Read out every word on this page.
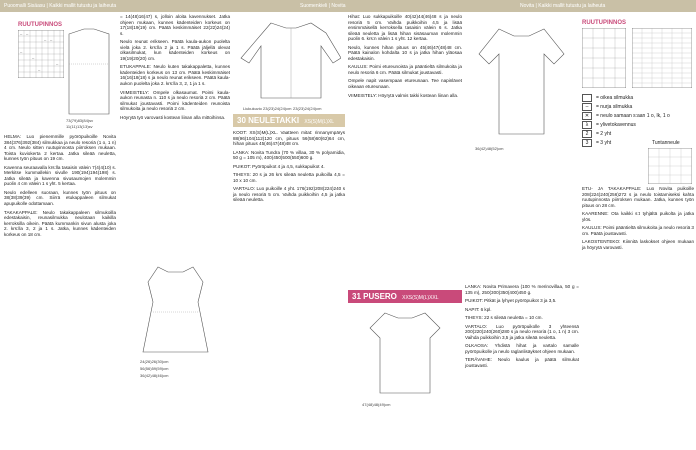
Puoomalli Sisäasu | Kaikki mallit tutustu ja laiheuta	Suomenkieli | Novita	Novita | Kaikki mallit tutustu ja laiheuta
RUUTUPINNOS
– –
– –
–
–
–
–
73(79)83(84)sv
11(11)13(13)sv

HELMA: Luo pienemmille pyöröpuikoille Novita 384(376)392(384) silmukkaa ja neulo resoriä (1 o, 1 n) 4 cm. Neulo sitten ruutupinnosta piirroksen mukaan. Toista kuviokerta 2 kertaa. Jatka sileää neuletta, kunnes työn pituus on 19 cm.

Kavenna seuraavalla krs:lla tasaisin välein 7(4)4(10) s. Merkitse kummallekin sivulle 190(194)194(198) s. Jatka sileää ja kavenna sivusaumojen molemmin puolin 4 cm välein 1 s yht. 5 kertaa.

Neulo edelleen suoraan, kunnes työn pituus on 38(38)39(39) cm. Siirrä etukappaleen silmukat apupuikolle odottamaan.

TAKAKAPPALE: Neulo takakappaleen silmukoilla edestakaisin, reunasilmukka neulotaan kaikilla kerroksilla oikein. Päätä kummankin sivun alusta joka 2. krs:lla 3, 2 ja 1 s. Jatka, kunnes kädenteiden korkeus on 18 cm.

= 14(48)16(47) s, jolloin aloita kavennukset. Jatka ohjeen mukaan, kunnes kädenteiden korkeus on 17(18)19(19) cm. Päätä keskimmäiset 22(22)24(24) s.

Neulo reunat erikseen. Päätä kaula-aukon puolelta vielä joka 2. krs:lla 2 ja 1 s. Päätä jäljellä olevat olkasilmukat, kun kädenteiden korkeus on 19(19)20(20) cm.

ETUKAPPALE: Neulo kuten takakappaletta, kunnes kädenteiden korkeus on 13 cm. Päätä keskimmäiset 16(16)18(18) s ja neulo reunat erikseen. Päätä kaula-aukon puolelta joka 2. krs:lla 3, 2, 1 ja 1 s.

VIIMEISTELY: Ompele olkasaumat. Poimi kaula-aukon reunasta n. 110 s ja neulo resoriä 2 cm. Päätä silmukat joustavasti. Poimi kädenteiden reunoista silmukoita ja neulo resoriä 2 cm.

Höyrytä työ varovasti kostean liinan alla mittoihinsa.

24(26)26(30)cm
56(56)59(59)cm
36(42)48(46)cm
Liukukuvio 23(23)24(24)cm 23(23)24(24)cm
30 NEULETAKKI XS(S)M(L)XL

KOOT: XS(S)M(L)XL. Vaatteen mitat: rinnanympärys 88(96)104(112)120 cm, pituus 56(58)60(62)64 cm, hihan pituus 45(46)47(48)48 cm.

LANKA: Novita Tundra (70 % villaa, 30 % polyamidia, 50 g = 105 m), 400(450)500(550)600 g.

PUIKOT: Pyöröpuikot 4 ja 4,5, sukkapuikot 4.

TIHEYS: 20 s ja 26 krs sileää neuletta puikoilla 4,5 = 10 x 10 cm.

VARTALO: Luo puikoille 4 yht. 176(192)208(224)240 s ja neulo resoriä 5 cm. Vaihda puikkoihin 4,5 ja jatka sileää neuletta.

Hihat: Luo sukkapuikoille 40(42)44(46)48 s ja neulo resoriä 5 cm. Vaihda puikkoihin 4,5 ja lisää ensimmäisellä kerroksella tasaisin välein 6 s. Jatka sileää neuletta ja lisää hihan sisäsauman molemmin puolin 6. krs:n välein 1 s yht. 12 kertaa.

Neulo, kunnes hihan pituus on 45(46)47(48)48 cm. Päätä kainalon kohdalta 10 s ja jatka hihan yläosaa edestakaisin.

KAULUS: Poimi etureunoista ja pääntieltä silmukoita ja neulo resoriä 6 cm. Päätä silmukat joustavasti.

Ompele napit vasempaan etureunaan. Tee napinlävet oikeaan etureunaan.

VIIMEISTELY: Höyrytä valmis takki kostean liinan alla.

31 PUSERO XXS(S)M(L)XXL
47(48)48(49)cm
36(42)48(52)cm

LANKA: Novita Primavera (100 % merinovillaa, 50 g = 135 m), 250(300)350(400)450 g.

PUIKOT: Pitkät ja lyhyet pyöröpuikot 3 ja 3,5.

NAPIT: 6 kpl.

TIHEYS: 22 s sileää neuletta = 10 cm.

VARTALO: Luo pyöröpuikolle 3 yhteensä 200(220)240(260)280 s ja neulo resoriä (1 o, 1 n) 3 cm. Vaihda puikkoihin 3,5 ja jatka sileää neuletta.

OLKAOSA: Yhdistä hihat ja vartalo samalle pyöröpuikolle ja neulo raglanlisäykset ohjeen mukaan.

TERÄVAIHE: Neulo kaulus ja päätä silmukat joustavasti.

RUUTUPINNOS
= oikea silmukka
–	= nurja silmukka
✕	= neulo samaan s:aan 1 o, lk, 1 o
λ	= ylivetokavennus
2	= 2 yht
3	= 3 yht	Tuntanneule

ETU- JA TAKAKAPPALE: Luo Novita puikoille 208(224)240(256)272 s ja neulo toistamiseksi kahta ruutupinnosta piirroksen mukaan. Jatka, kunnes työn pituus on 28 cm.

KAARENNE: Ota kaikki s:t tyhjältä puikolta ja jatka ylös.

KAULUS: Poimi pääntieltä silmukoita ja neulo resoriä 3 cm. Päätä joustavasti.

LAKOSTENTEKO: Kiinnitä laskokset ohjeen mukaan ja höyrytä varovasti.
